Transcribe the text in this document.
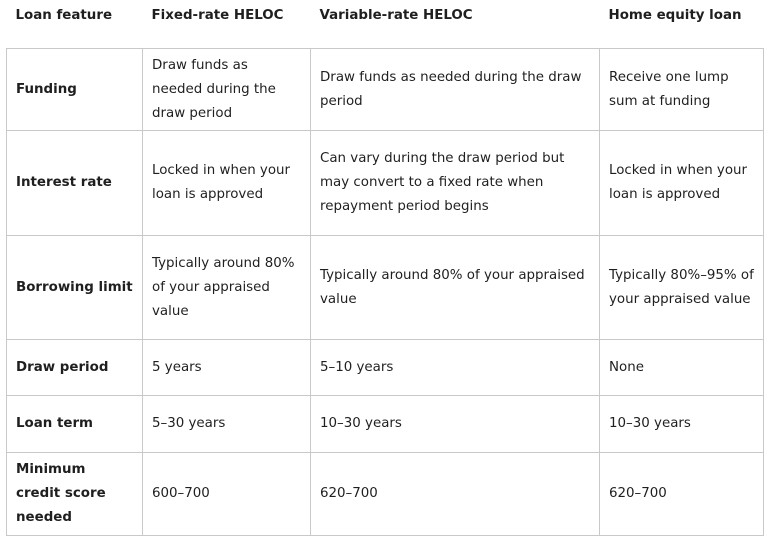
Loan feature	Fixed-rate HELOC	Variable-rate HELOC	Home equity loan
Funding	Draw funds as needed during the draw period	Draw funds as needed during the draw period	Receive one lump sum at funding
Interest rate	Locked in when your loan is approved	Can vary during the draw period but may convert to a fixed rate when repayment period begins	Locked in when your loan is approved
Borrowing limit	Typically around 80% of your appraised value	Typically around 80% of your appraised value	Typically 80%–95% of your appraised value
Draw period	5 years	5–10 years	None
Loan term	5–30 years	10–30 years	10–30 years
Minimum credit score needed	600–700	620–700	620–700
